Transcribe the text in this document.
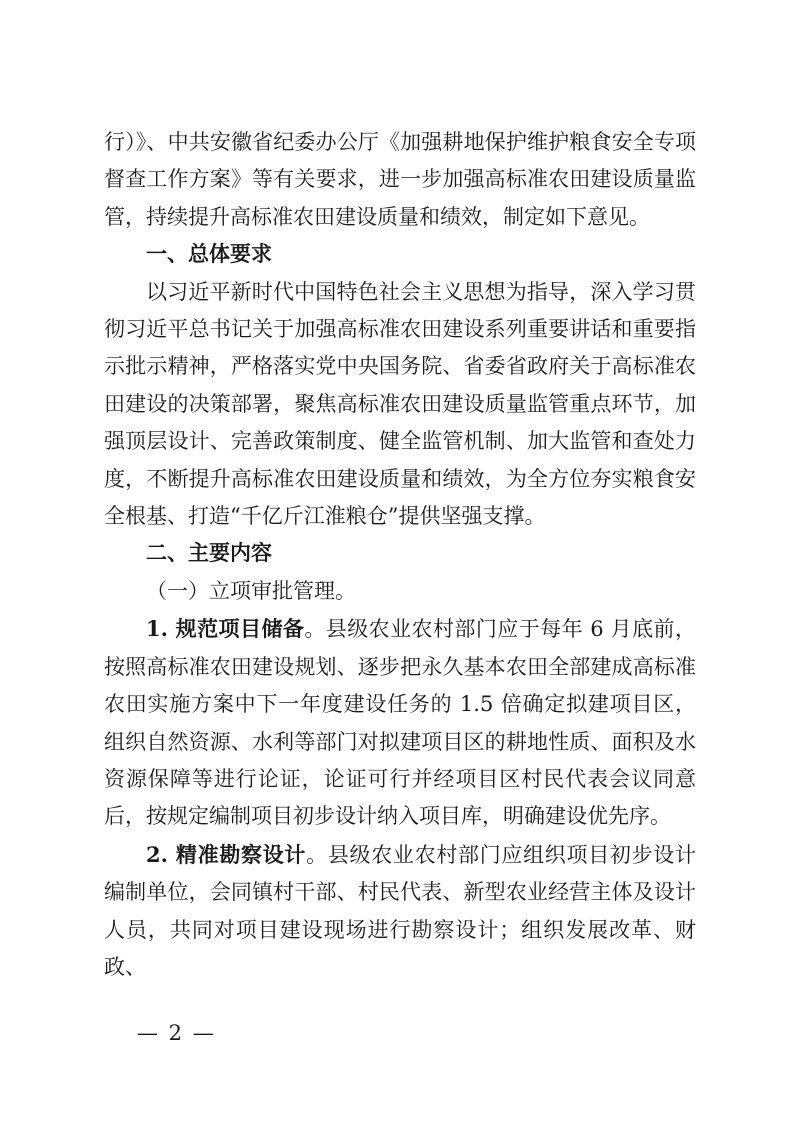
行）》、中共安徽省纪委办公厅《加强耕地保护维护粮食安全专项督查工作方案》等有关要求，进一步加强高标准农田建设质量监管，持续提升高标准农田建设质量和绩效，制定如下意见。

一、总体要求

以习近平新时代中国特色社会主义思想为指导，深入学习贯彻习近平总书记关于加强高标准农田建设系列重要讲话和重要指示批示精神，严格落实党中央国务院、省委省政府关于高标准农田建设的决策部署，聚焦高标准农田建设质量监管重点环节，加强顶层设计、完善政策制度、健全监管机制、加大监管和查处力度，不断提升高标准农田建设质量和绩效，为全方位夯实粮食安全根基、打造“千亿斤江淮粮仓”提供坚强支撑。

二、主要内容

（一）立项审批管理。

1. 规范项目储备。县级农业农村部门应于每年 6 月底前，按照高标准农田建设规划、逐步把永久基本农田全部建成高标准农田实施方案中下一年度建设任务的 1.5 倍确定拟建项目区，组织自然资源、水利等部门对拟建项目区的耕地性质、面积及水资源保障等进行论证，论证可行并经项目区村民代表会议同意后，按规定编制项目初步设计纳入项目库，明确建设优先序。

2. 精准勘察设计。县级农业农村部门应组织项目初步设计编制单位，会同镇村干部、村民代表、新型农业经营主体及设计人员，共同对项目建设现场进行勘察设计；组织发展改革、财政、

— 2 —
